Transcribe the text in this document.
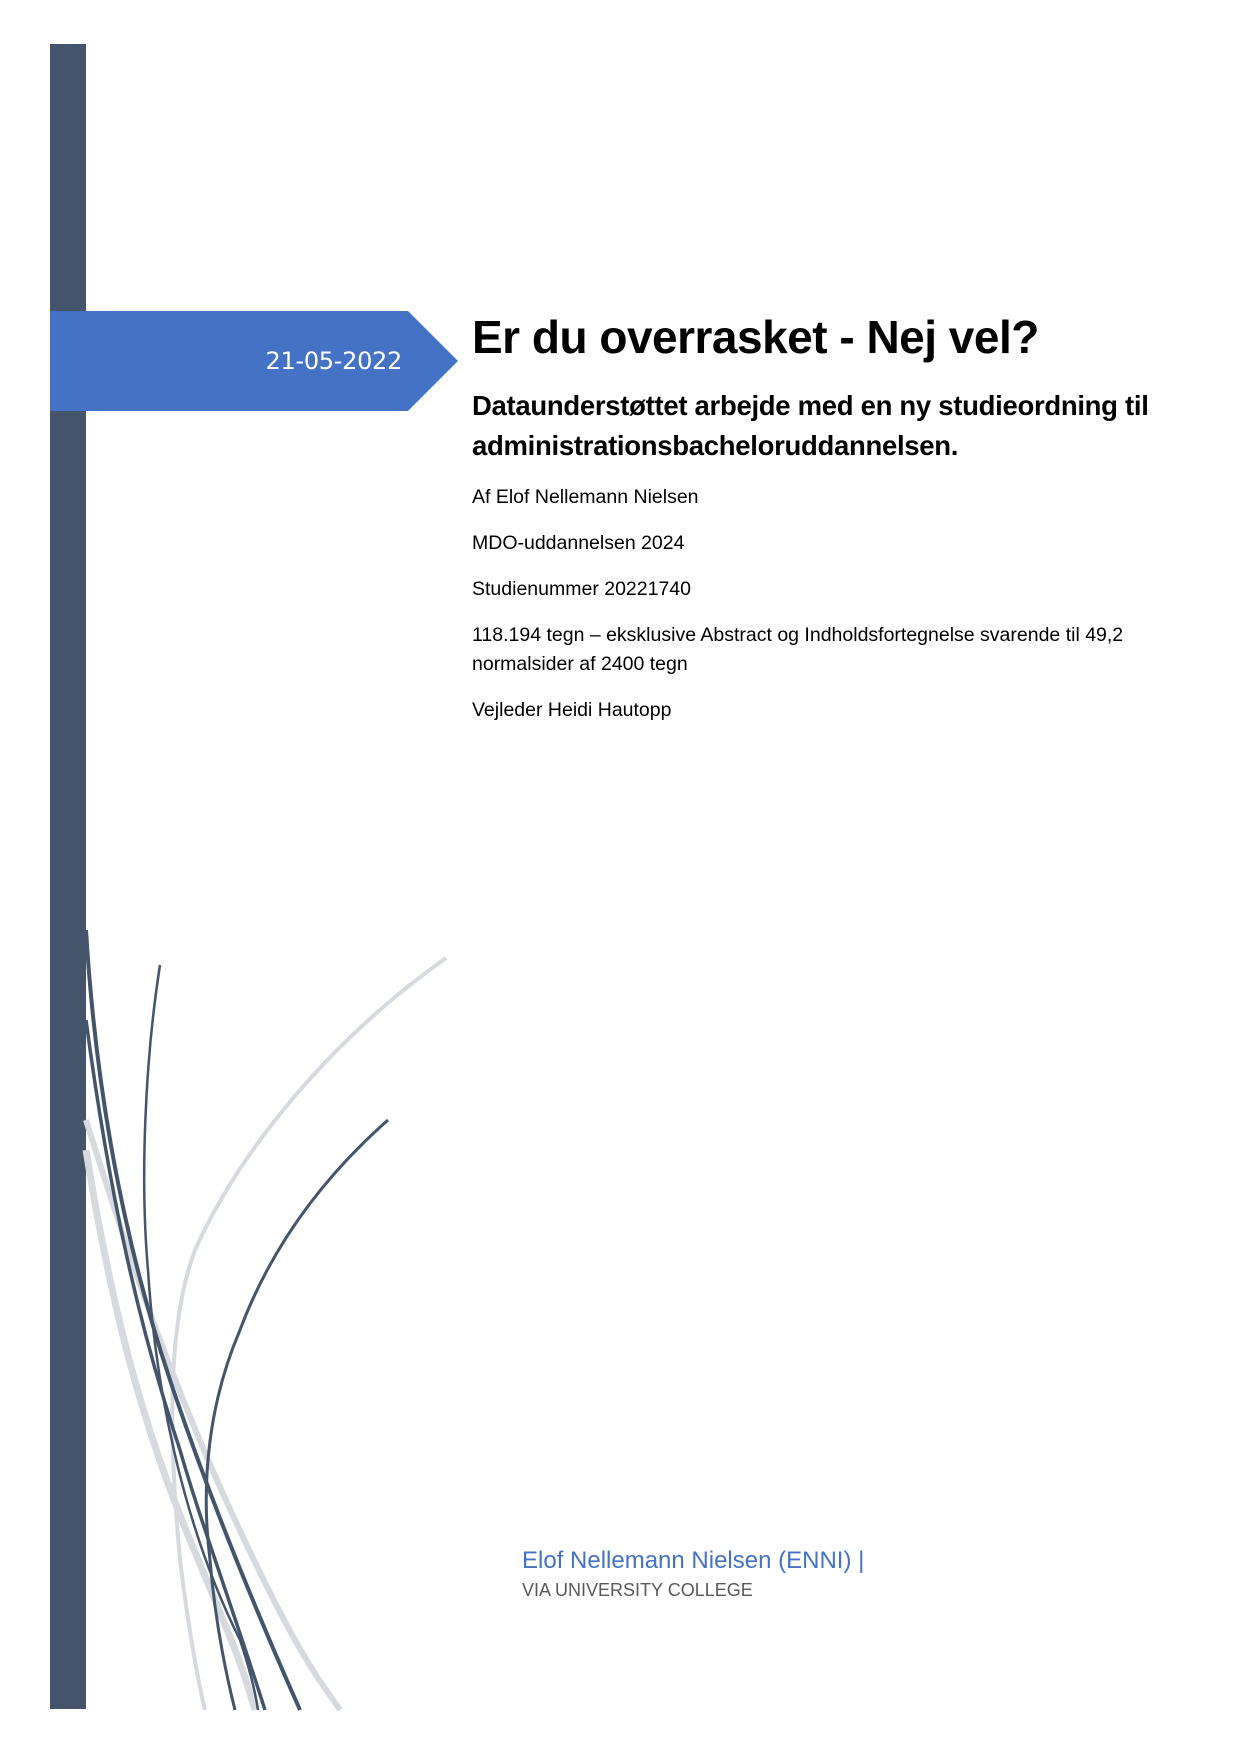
21-05-2022 Er du overrasket - Nej vel?
Dataunderstøttet arbejde med en ny studieordning til administrationsbacheloruddannelsen.

Af Elof Nellemann Nielsen

MDO-uddannelsen 2024

Studienummer 20221740

118.194 tegn – eksklusive Abstract og Indholdsfortegnelse svarende til 49,2 normalsider af 2400 tegn

Vejleder Heidi Hautopp

Elof Nellemann Nielsen (ENNI) |
VIA UNIVERSITY COLLEGE
